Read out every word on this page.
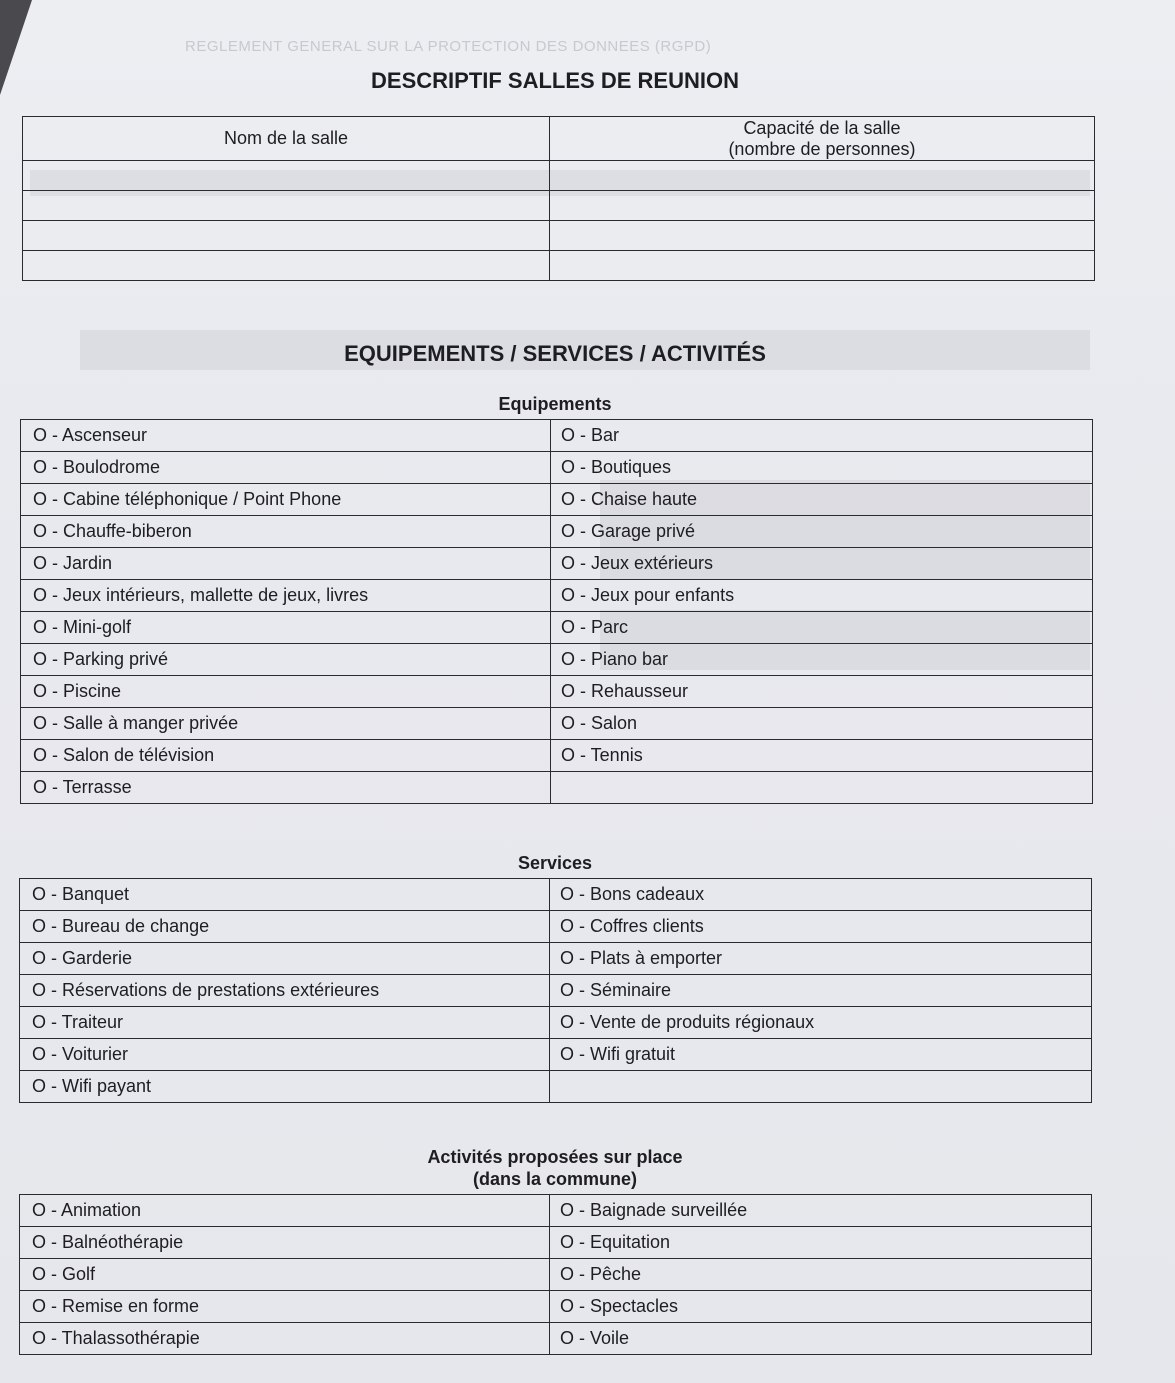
REGLEMENT GENERAL SUR LA PROTECTION DES DONNEES (RGPD)
DESCRIPTIF SALLES DE REUNION
Nom de la salle	Capacité de la salle
(nombre de personnes)

EQUIPEMENTS / SERVICES / ACTIVITÉS
Equipements
O - Ascenseur	O - Bar
O - Boulodrome	O - Boutiques
O - Cabine téléphonique / Point Phone	O - Chaise haute
O - Chauffe-biberon	O - Garage privé
O - Jardin	O - Jeux extérieurs
O - Jeux intérieurs, mallette de jeux, livres	O - Jeux pour enfants
O - Mini-golf	O - Parc
O - Parking privé	O - Piano bar
O - Piscine	O - Rehausseur
O - Salle à manger privée	O - Salon
O - Salon de télévision	O - Tennis
O - Terrasse	
Services
O - Banquet	O - Bons cadeaux
O - Bureau de change	O - Coffres clients
O - Garderie	O - Plats à emporter
O - Réservations de prestations extérieures	O - Séminaire
O - Traiteur	O - Vente de produits régionaux
O - Voiturier	O - Wifi gratuit
O - Wifi payant	
Activités proposées sur place
(dans la commune)
O - Animation	O - Baignade surveillée
O - Balnéothérapie	O - Equitation
O - Golf	O - Pêche
O - Remise en forme	O - Spectacles
O - Thalassothérapie	O - Voile
